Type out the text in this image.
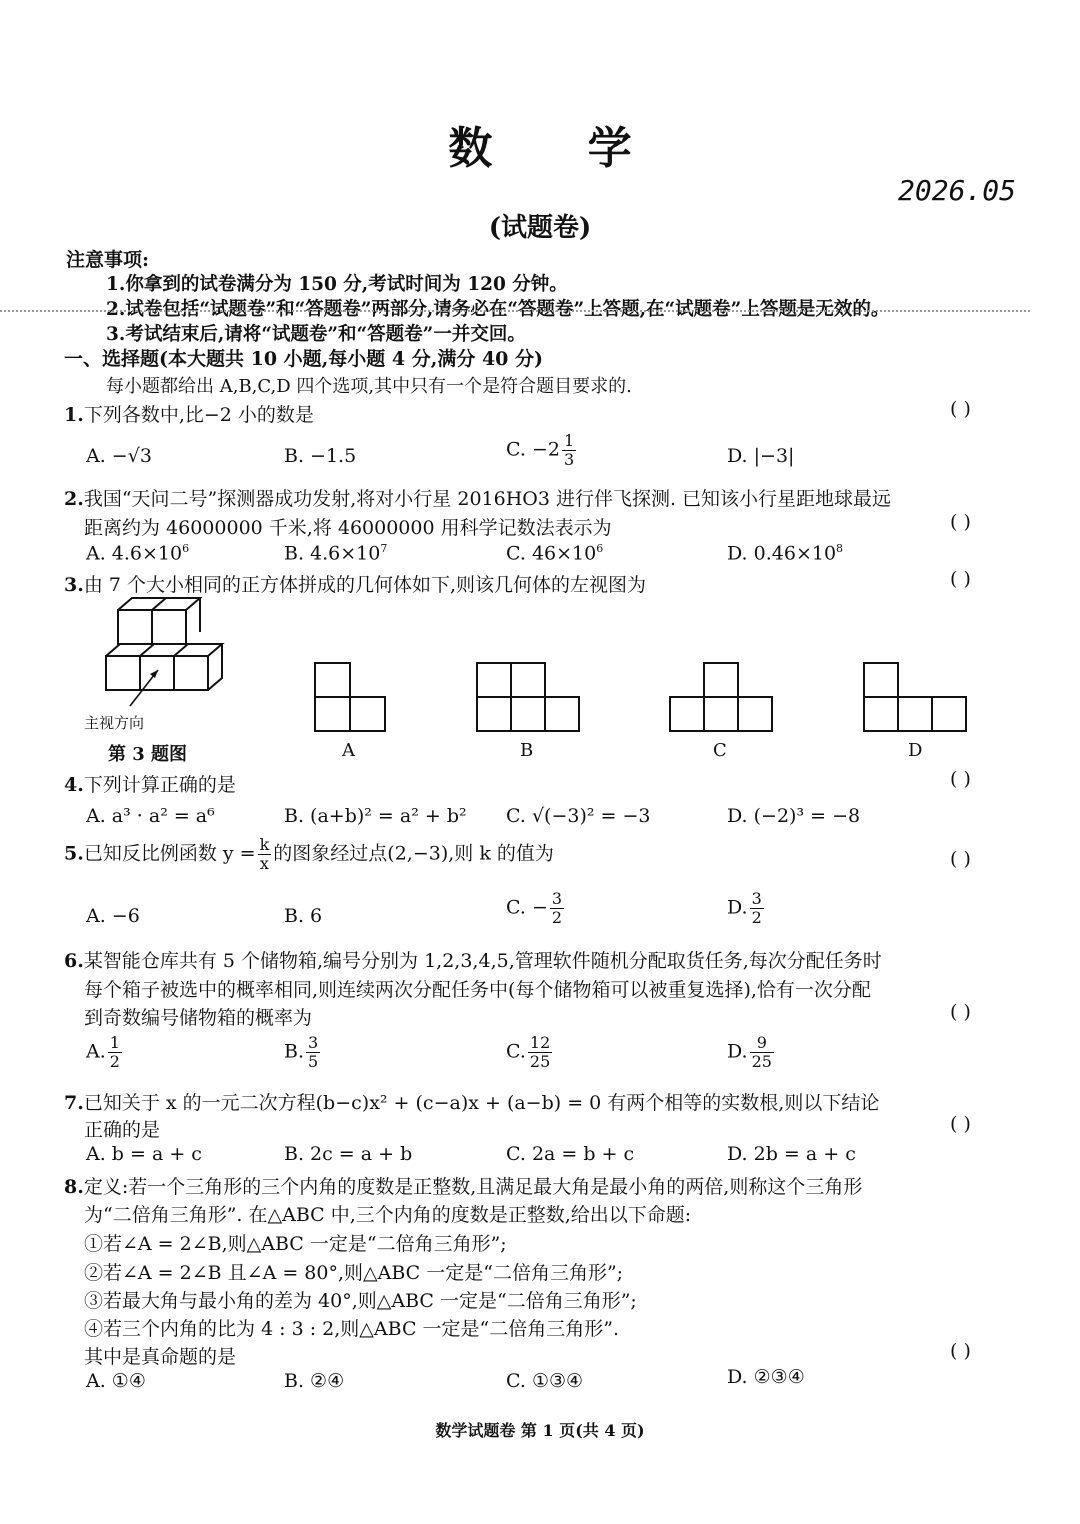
数 学
2026.05
(试题卷)
注意事项:
1.你拿到的试卷满分为 150 分,考试时间为 120 分钟。
2.试卷包括“试题卷”和“答题卷”两部分,请务必在“答题卷”上答题,在“试题卷”上答题是无效的。
3.考试结束后,请将“试题卷”和“答题卷”一并交回。
一、选择题(本大题共 10 小题,每小题 4 分,满分 40 分)
每小题都给出 A,B,C,D 四个选项,其中只有一个是符合题目要求的.
1.下列各数中,比−2 小的数是	( )
A. −√3	B. −1.5	C. $-2 \frac{1}{3}$	D. |−3|
2.我国“天问二号”探测器成功发射,将对小行星 2016HO3 进行伴飞探测. 已知该小行星距地球最远
距离约为 46000000 千米,将 46000000 用科学记数法表示为	( )
A. $4.6\times 10^6$	B. $4.6\times 10^7$	C. $46\times 10^6$	D. $0.46\times 10^8$
3.由 7 个大小相同的正方体拼成的几何体如下,则该几何体的左视图为	( )
主视方向
第 3 题图	A	B	C	D
4.下列计算正确的是	( )
A. a³ · a² = a⁶	B. (a+b)² = a² + b² C. √(−3)² = −3	D. (−2)³ = −8
5.已知反比例函数 $y = \frac{k}{x}$ 的图象经过点(2,−3),则 k 的值为	( )
A. −6	B. 6	C. − $\frac{3}{2}$	D. $\frac{3}{2}$
6.某智能仓库共有 5 个储物箱,编号分别为 1,2,3,4,5,管理软件随机分配取货任务,每次分配任务时
每个箱子被选中的概率相同,则连续两次分配任务中(每个储物箱可以被重复选择),恰有一次分配
到奇数编号储物箱的概率为	( )
A. $\frac{1}{2}$	B. $\frac{3}{5}$	C. $\frac{12}{25}$	D. $\frac{9}{25}$
7.已知关于 x 的一元二次方程(b−c)x² + (c−a)x + (a−b) = 0 有两个相等的实数根,则以下结论
正确的是	( )
A. b = a + c	B. 2c = a + b	C. 2a = b + c	D. 2b = a + c
8.定义:若一个三角形的三个内角的度数是正整数,且满足最大角是最小角的两倍,则称这个三角形
为“二倍角三角形”. 在△ABC 中,三个内角的度数是正整数,给出以下命题:
①若∠A = 2∠B,则△ABC 一定是“二倍角三角形”;
②若∠A = 2∠B 且∠A = 80°,则△ABC 一定是“二倍角三角形”;
③若最大角与最小角的差为 40°,则△ABC 一定是“二倍角三角形”;
④若三个内角的比为 4 : 3 : 2,则△ABC 一定是“二倍角三角形”.
其中是真命题的是	( )
A. ①④	B. ②④	C. ①③④	D. ②③④
数学试题卷 第 1 页(共 4 页)
